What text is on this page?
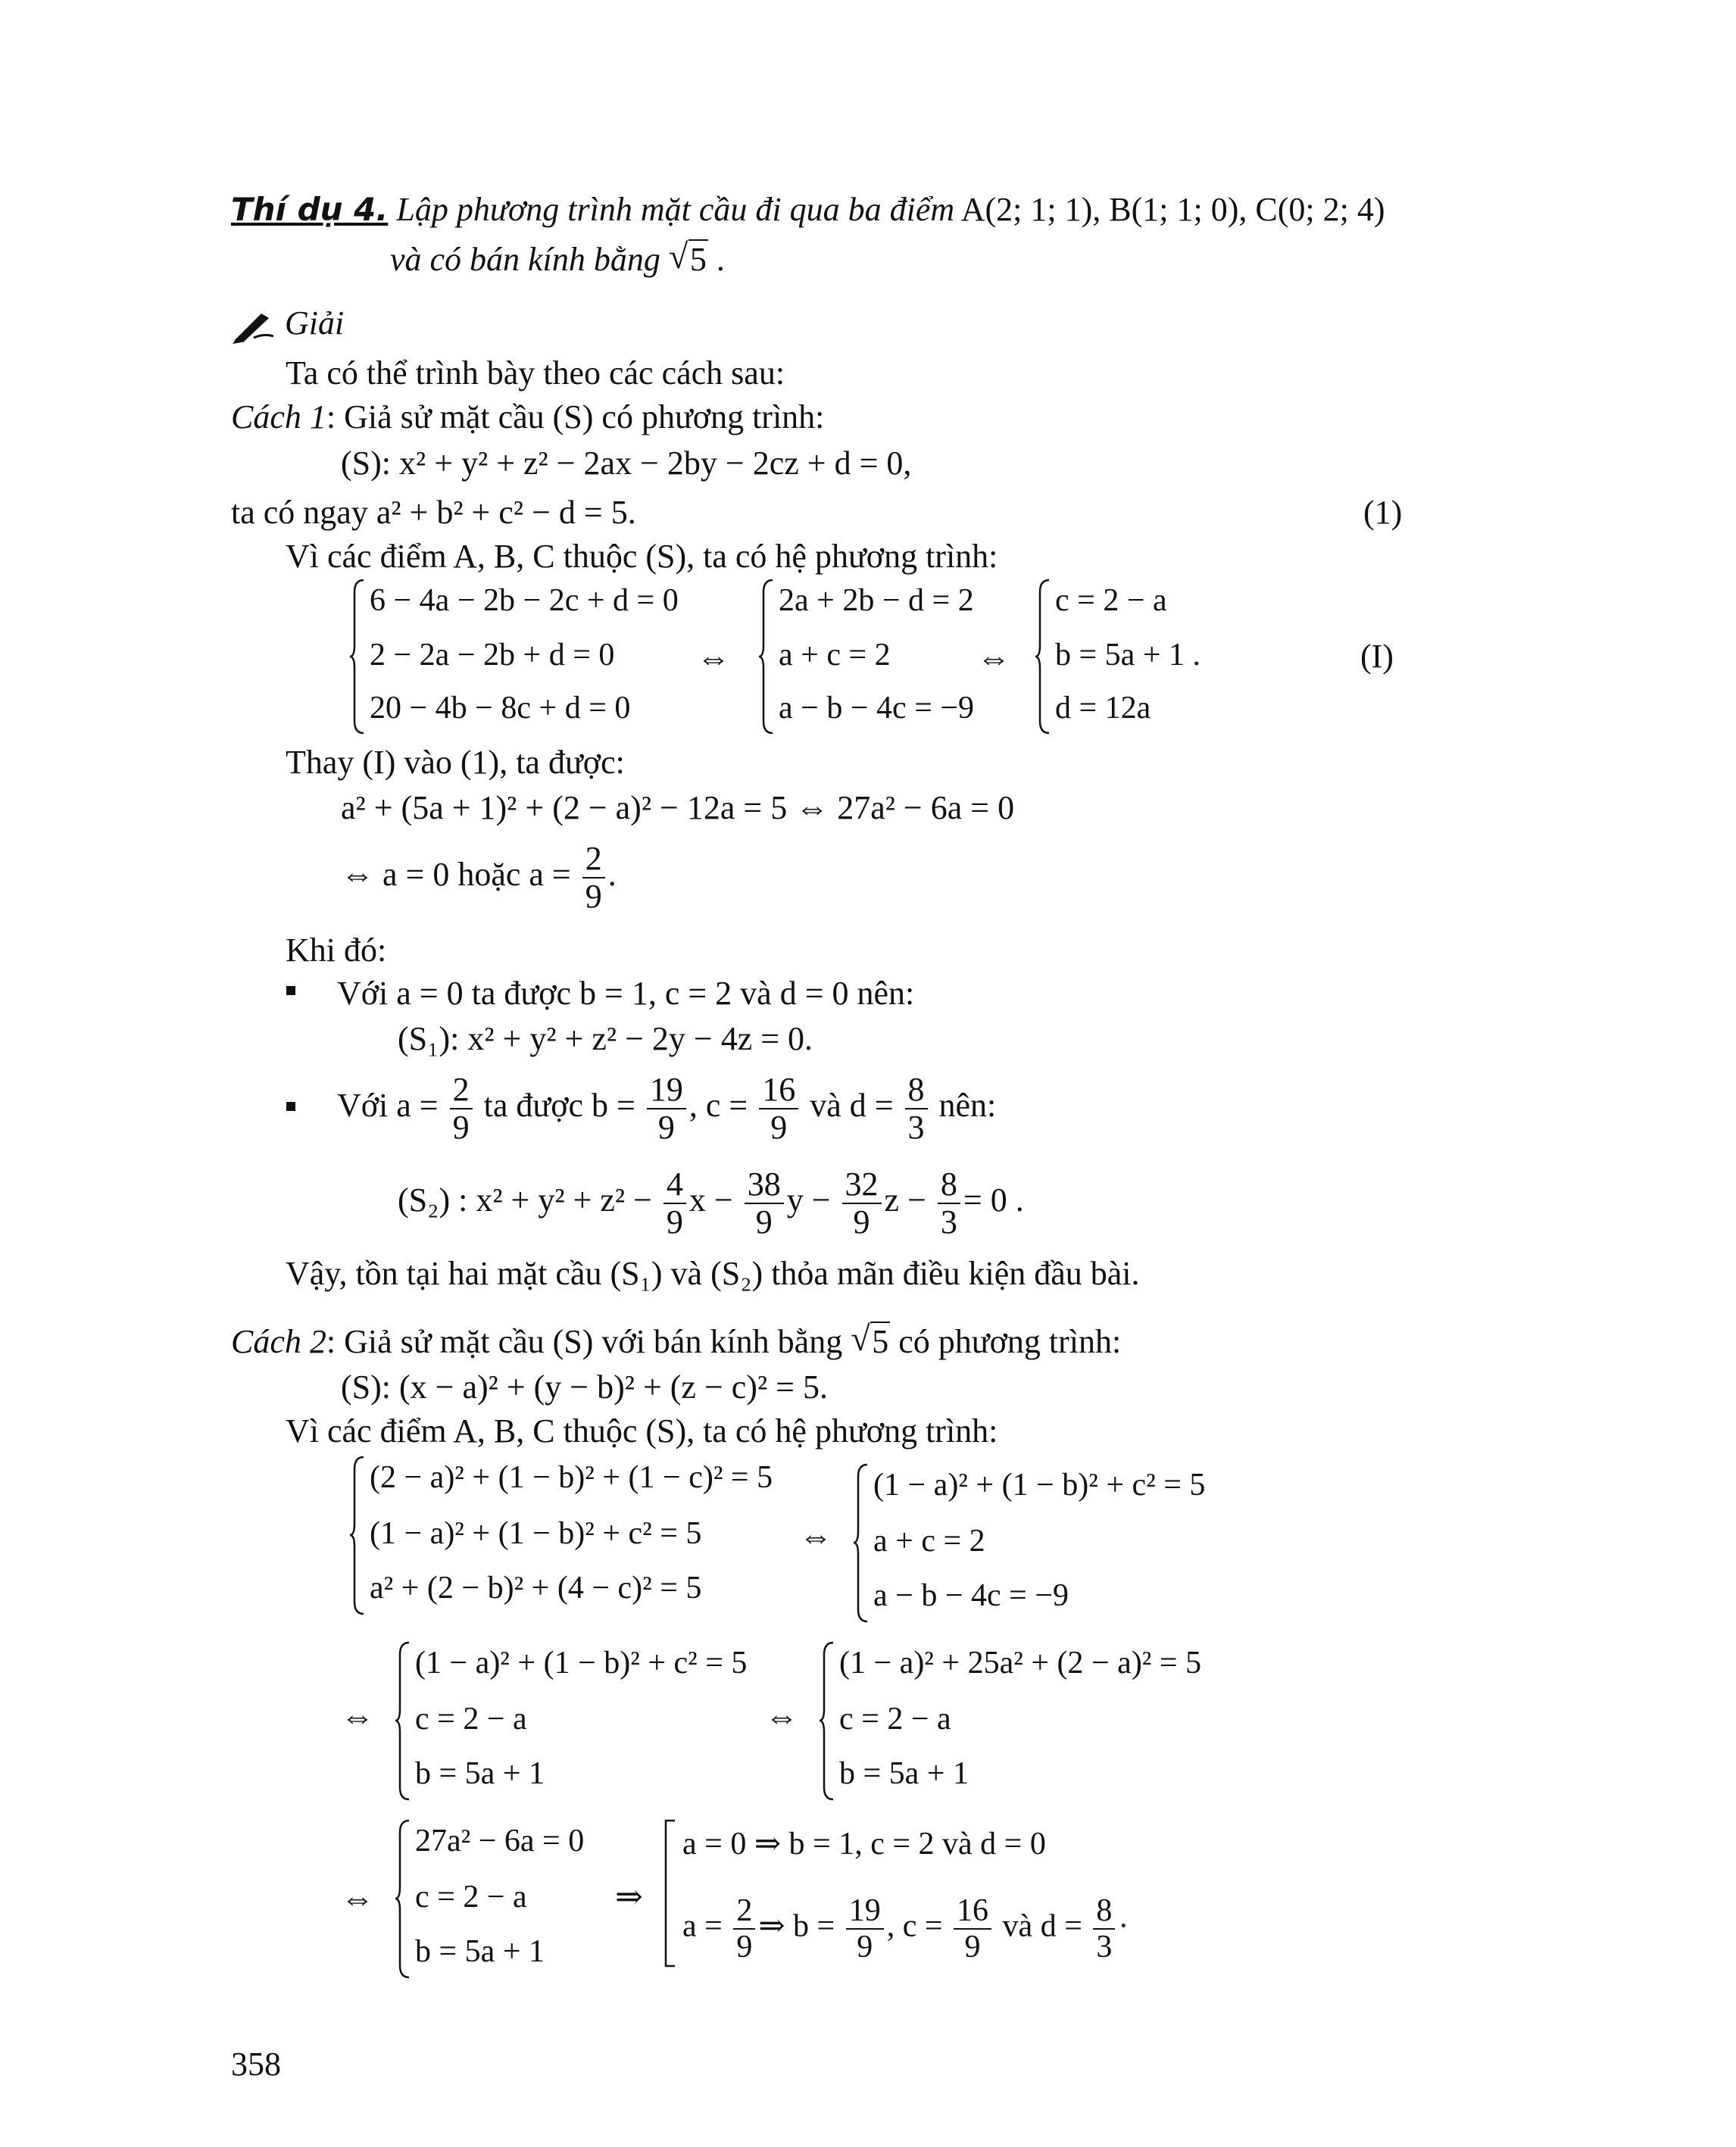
Thí dụ 4. Lập phương trình mặt cầu đi qua ba điểm A(2; 1; 1), B(1; 1; 0), C(0; 2; 4)
và có bán kính bằng √ 5 .
Giải
Ta có thể trình bày theo các cách sau:
Cách 1: Giả sử mặt cầu (S) có phương trình:
(S): x² + y² + z² − 2ax − 2by − 2cz + d = 0,
ta có ngay a² + b² + c² − d = 5.	(1)
Vì các điểm A, B, C thuộc (S), ta có hệ phương trình:
6 − 4a − 2b − 2c + d = 0
2 − 2a − 2b + d = 0
20 − 4b − 8c + d = 0
⇔
2a + 2b − d = 2
a + c = 2
a − b − 4c = −9
⇔
c = 2 − a
b = 5a + 1 .
d = 12a
(I)
Thay (I) vào (1), ta được:
a² + (5a + 1)² + (2 − a)² − 12a = 5 ⇔ 27a² − 6a = 0
⇔ a = 0 hoặc $a = \frac{2}{9}$ .
Khi đó:
Với a = 0 ta được b = 1, c = 2 và d = 0 nên:
(S₁): x² + y² + z² − 2y − 4z = 0.
Với $a = \frac{2}{9}$ ta được $b = \frac{19}{9}$ , $c = \frac{16}{9}$ và $d = \frac{8}{3}$ nên:
(S₂) : $x^2 + y^2 + z^2 - \frac{4}{9}$ $x - \frac{38}{9}$ $y - \frac{32}{9}$ $z - \frac{8}{3} = 0$ .
Vậy, tồn tại hai mặt cầu (S₁) và (S₂) thỏa mãn điều kiện đầu bài.
Cách 2: Giả sử mặt cầu (S) với bán kính bằng √ 5 có phương trình:
(S): (x − a)² + (y − b)² + (z − c)² = 5.
Vì các điểm A, B, C thuộc (S), ta có hệ phương trình:
(2 − a)² + (1 − b)² + (1 − c)² = 5
(1 − a)² + (1 − b)² + c² = 5
a² + (2 − b)² + (4 − c)² = 5
⇔
(1 − a)² + (1 − b)² + c² = 5
a + c = 2
a − b − 4c = −9
⇔
(1 − a)² + (1 − b)² + c² = 5
c = 2 − a
b = 5a + 1
⇔
(1 − a)² + 25a² + (2 − a)² = 5
c = 2 − a
b = 5a + 1
⇔
27a² − 6a = 0
c = 2 − a
b = 5a + 1
⇒
a = 0 ⇒ b = 1, c = 2 và d = 0
$a = \frac{2}{9}$ ⇒ $b = \frac{19}{9}$ , $c = \frac{16}{9}$ và $d = \frac{8}{3}$ ·
358
